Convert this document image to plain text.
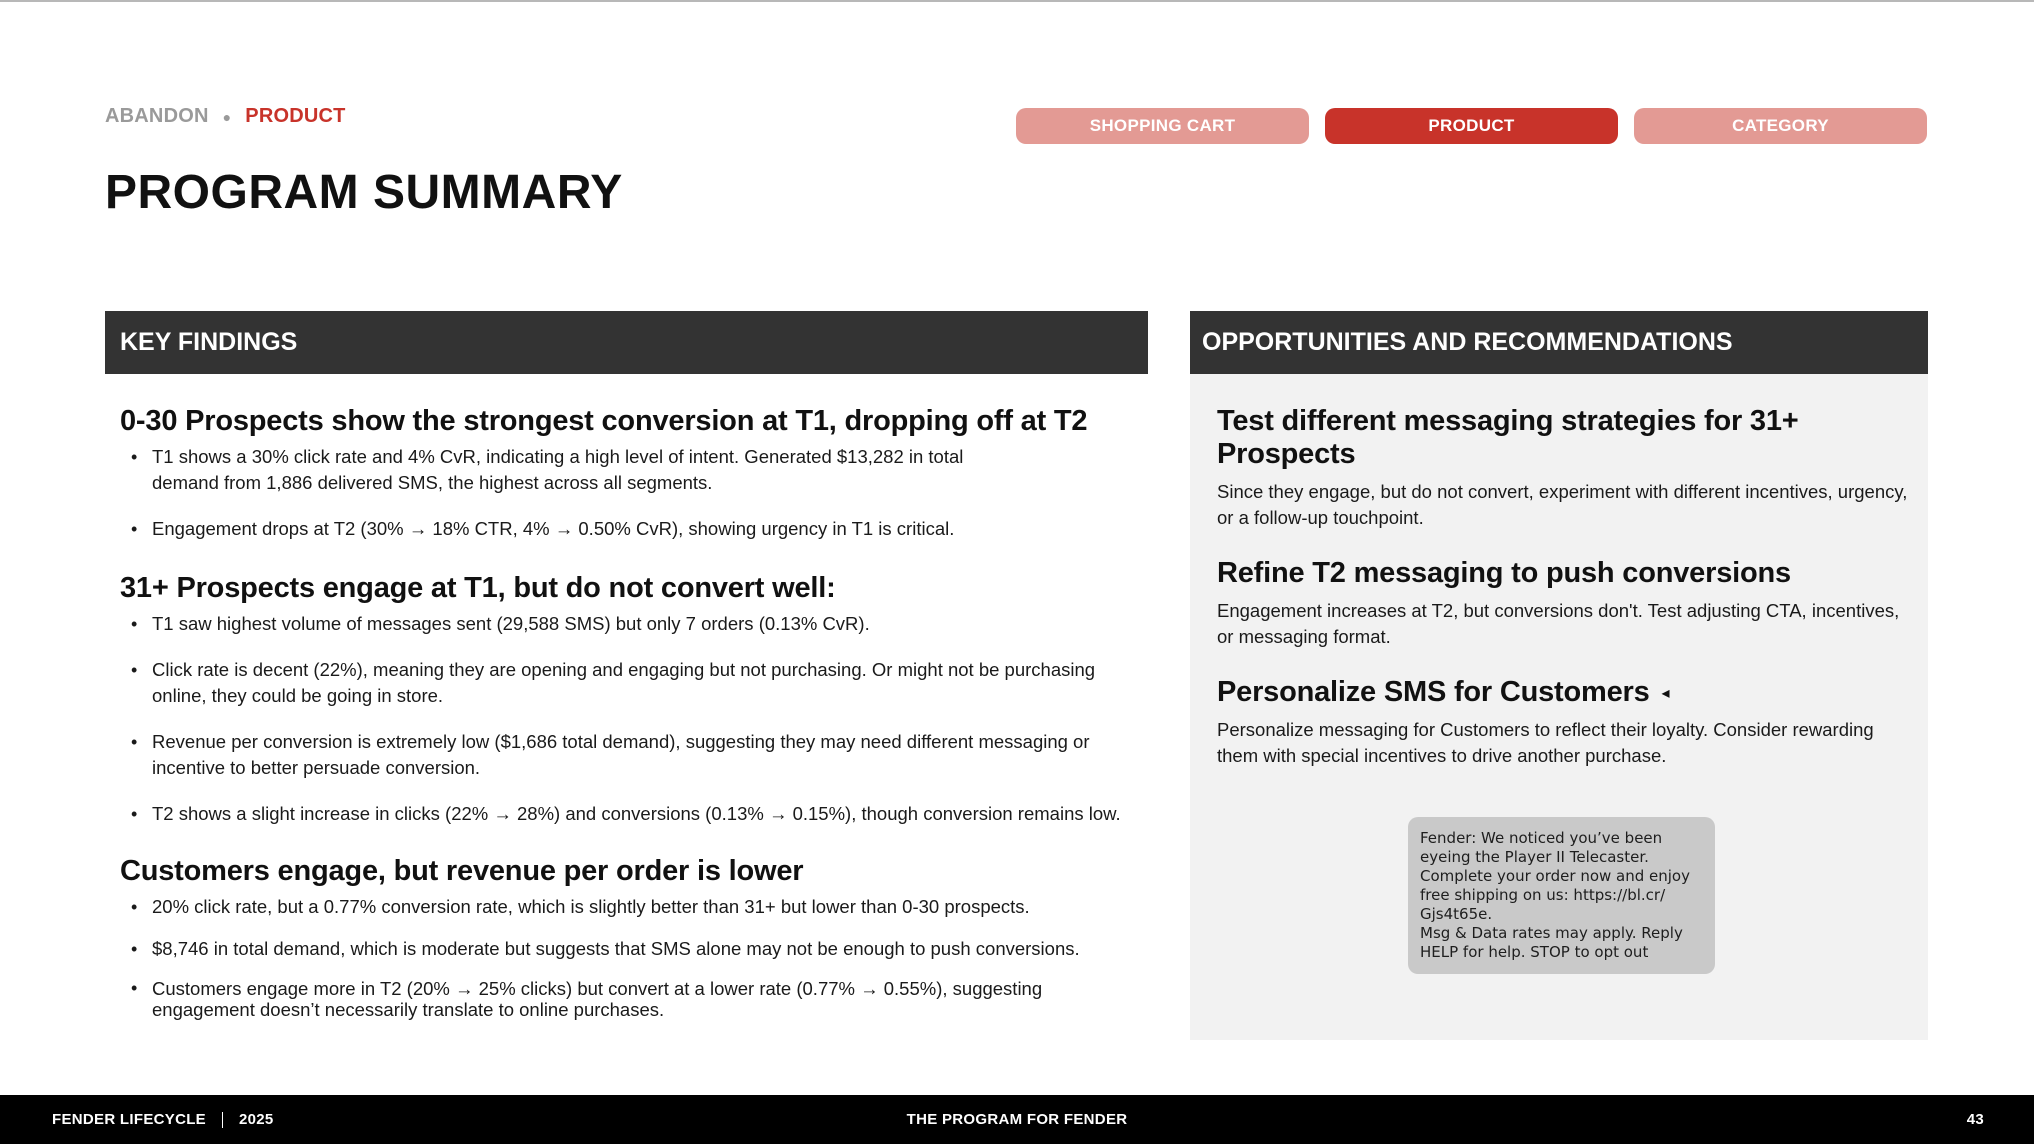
ABANDON ● PRODUCT	SHOPPING CART	PRODUCT	CATEGORY
PROGRAM SUMMARY
KEY FINDINGS
0-30 Prospects show the strongest conversion at T1, dropping off at T2
• T1 shows a 30% click rate and 4% CvR, indicating a high level of intent. Generated $13,282 in total demand from 1,886 delivered SMS, the highest across all segments.
• Engagement drops at T2 (30% → 18% CTR, 4% → 0.50% CvR), showing urgency in T1 is critical.
31+ Prospects engage at T1, but do not convert well:
• T1 saw highest volume of messages sent (29,588 SMS) but only 7 orders (0.13% CvR).
• Click rate is decent (22%), meaning they are opening and engaging but not purchasing. Or might not be purchasing online, they could be going in store.
• Revenue per conversion is extremely low ($1,686 total demand), suggesting they may need different messaging or incentive to better persuade conversion.
• T2 shows a slight increase in clicks (22% → 28%) and conversions (0.13% → 0.15%), though conversion remains low.
Customers engage, but revenue per order is lower
• 20% click rate, but a 0.77% conversion rate, which is slightly better than 31+ but lower than 0-30 prospects.
• $8,746 in total demand, which is moderate but suggests that SMS alone may not be enough to push conversions.
• Customers engage more in T2 (20% → 25% clicks) but convert at a lower rate (0.77% → 0.55%), suggesting engagement doesn’t necessarily translate to online purchases.
OPPORTUNITIES AND RECOMMENDATIONS
Test different messaging strategies for 31+ Prospects

Since they engage, but do not convert, experiment with different incentives, urgency, or a follow-up touchpoint.

Refine T2 messaging to push conversions

Engagement increases at T2, but conversions don't. Test adjusting CTA, incentives, or messaging format.

Personalize SMS for Customers ◂

Personalize messaging for Customers to reflect their loyalty. Consider rewarding them with special incentives to drive another purchase.

Fender: We noticed you’ve been
eyeing the Player II Telecaster.
Complete your order now and enjoy
free shipping on us: https://bl.cr/
Gjs4t65e.
Msg & Data rates may apply. Reply
HELP for help. STOP to opt out
FENDER LIFECYCLE 2025	THE PROGRAM FOR FENDER	43
